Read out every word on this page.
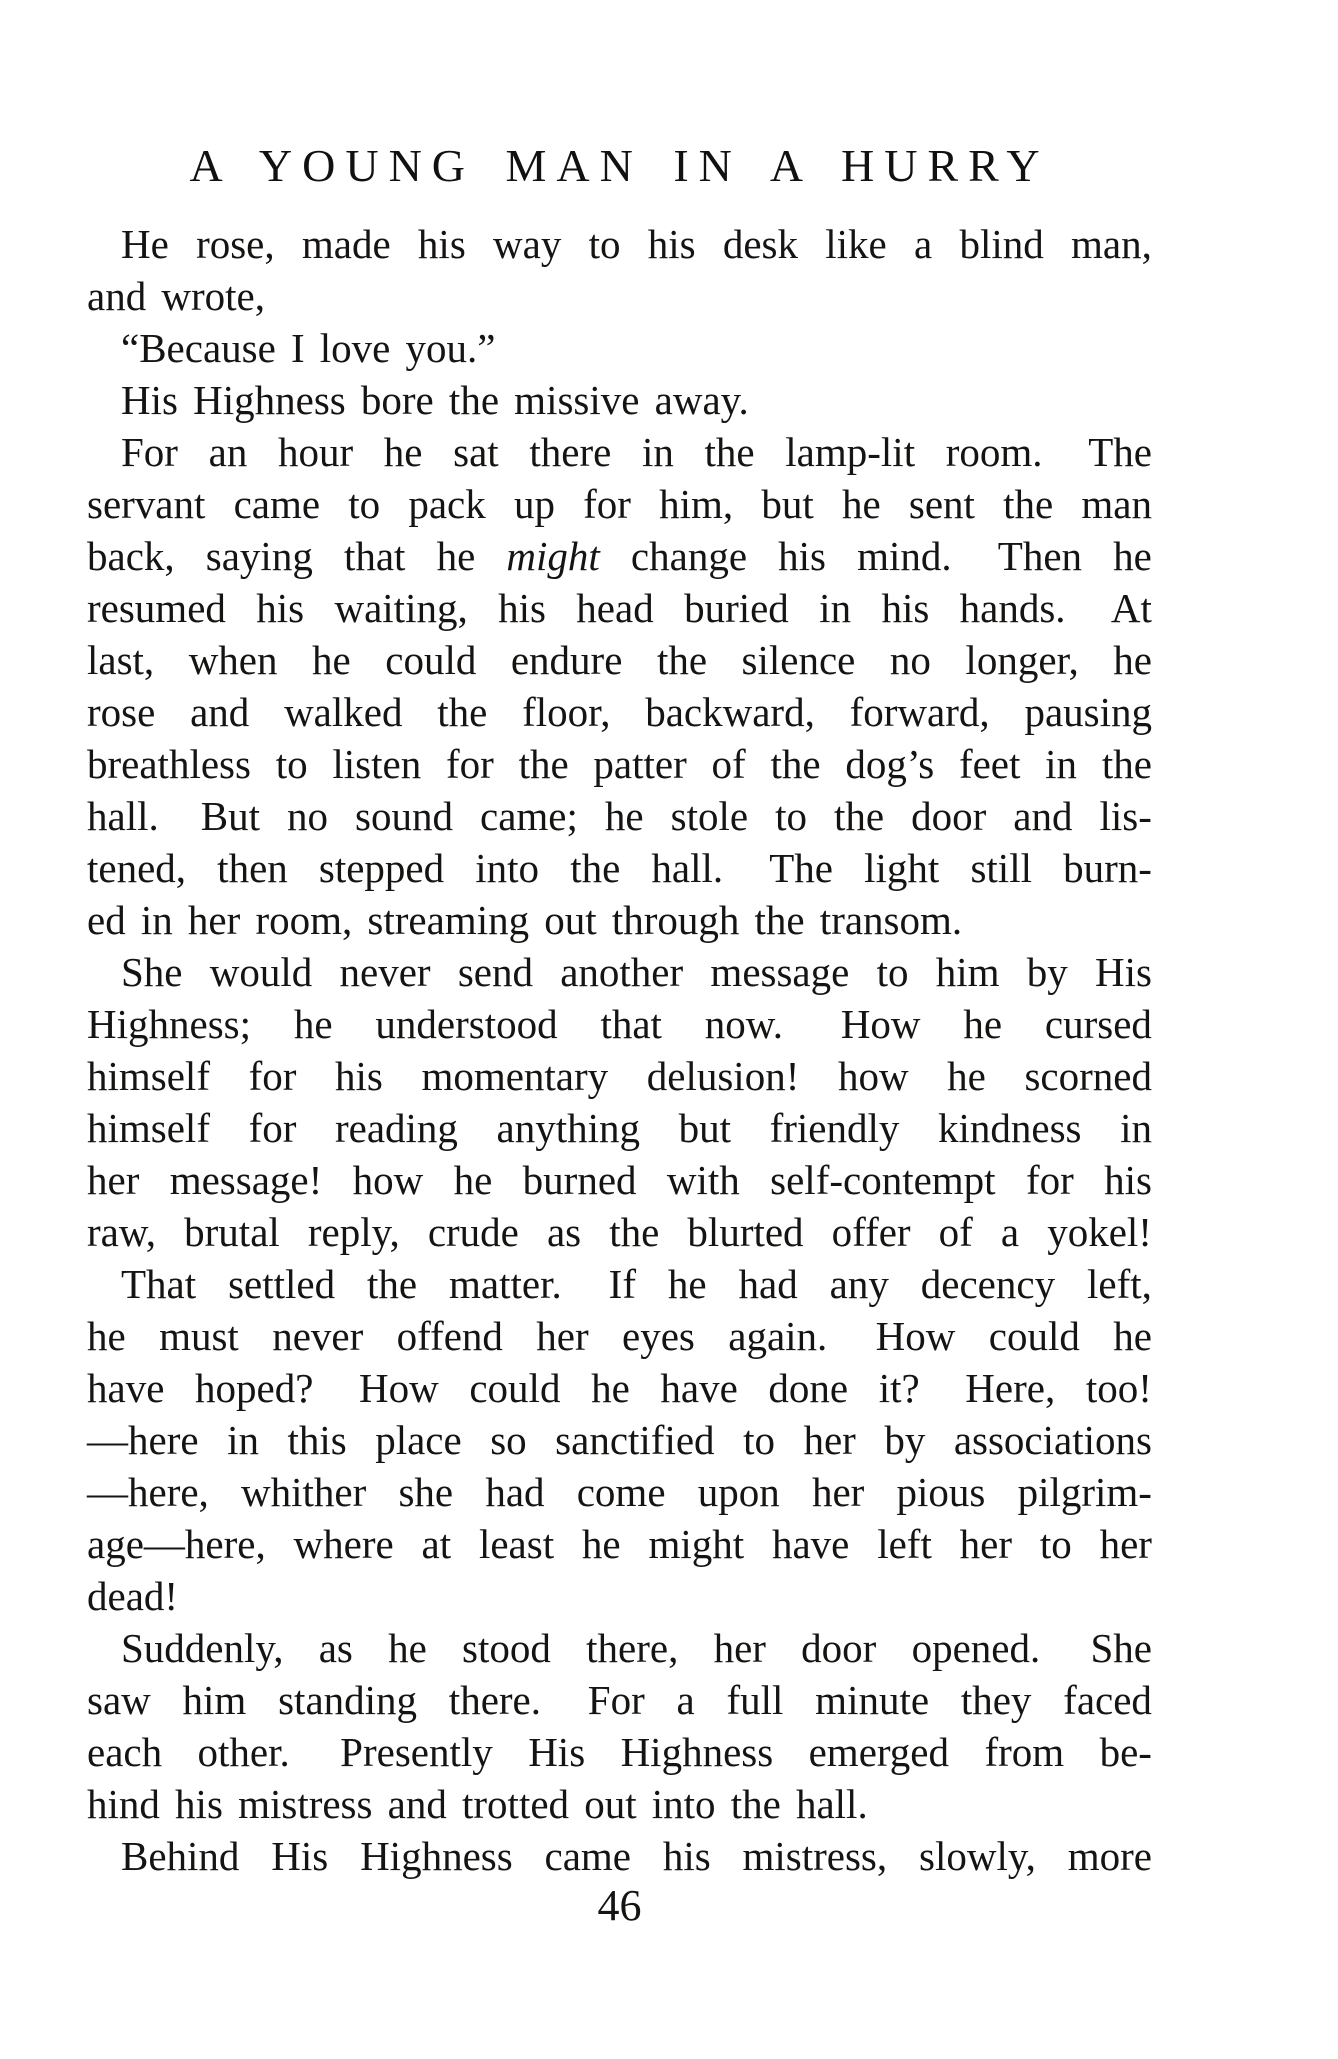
A YOUNG MAN IN A HURRY
He rose, made his way to his desk like a blind man,
and wrote,
“Because I love you.”
His Highness bore the missive away.
For an hour he sat there in the lamp-lit room. The
servant came to pack up for him, but he sent the man
back, saying that he might change his mind. Then he
resumed his waiting, his head buried in his hands. At
last, when he could endure the silence no longer, he
rose and walked the floor, backward, forward, pausing
breathless to listen for the patter of the dog’s feet in the
hall. But no sound came; he stole to the door and lis-
tened, then stepped into the hall. The light still burn-
ed in her room, streaming out through the transom.
She would never send another message to him by His
Highness; he understood that now. How he cursed
himself for his momentary delusion! how he scorned
himself for reading anything but friendly kindness in
her message! how he burned with self-contempt for his
raw, brutal reply, crude as the blurted offer of a yokel!
That settled the matter. If he had any decency left,
he must never offend her eyes again. How could he
have hoped? How could he have done it? Here, too!
—here in this place so sanctified to her by associations
—here, whither she had come upon her pious pilgrim-
age—here, where at least he might have left her to her
dead!
Suddenly, as he stood there, her door opened. She
saw him standing there. For a full minute they faced
each other. Presently His Highness emerged from be-
hind his mistress and trotted out into the hall.
Behind His Highness came his mistress, slowly, more
46
